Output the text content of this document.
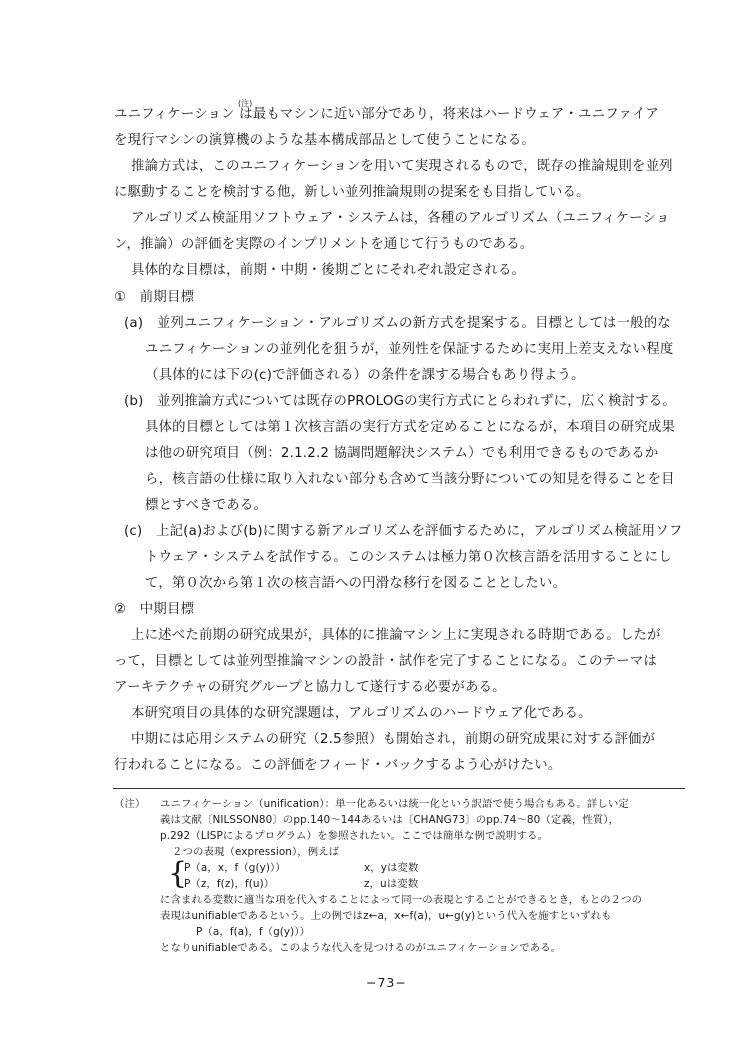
(注)
ユニフィケーション は最もマシンに近い部分であり，将来はハードウェア・ユニファイア
を現行マシンの演算機のような基本構成部品として使うことになる。
推論方式は，このユニフィケーションを用いて実現されるもので，既存の推論規則を並列
に駆動することを検討する他，新しい並列推論規則の提案をも目指している。
アルゴリズム検証用ソフトウェア・システムは，各種のアルゴリズム（ユニフィケーショ
ン，推論）の評価を実際のインプリメントを通じて行うものである。
具体的な目標は，前期・中期・後期ごとにそれぞれ設定される。
①　前期目標
(a)　並列ユニフィケーション・アルゴリズムの新方式を提案する。目標としては一般的な
ユニフィケーションの並列化を狙うが，並列性を保証するために実用上差支えない程度
（具体的には下の(c)で評価される）の条件を課する場合もあり得よう。
(b)　並列推論方式については既存のPROLOGの実行方式にとらわれずに，広く検討する。
具体的目標としては第１次核言語の実行方式を定めることになるが，本項目の研究成果
は他の研究項目（例：2.1.2.2 協調問題解決システム）でも利用できるものであるか
ら，核言語の仕様に取り入れない部分も含めて当該分野についての知見を得ることを目
標とすべきである。
(c)　上記(a)および(b)に関する新アルゴリズムを評価するために，アルゴリズム検証用ソフ
トウェア・システムを試作する。このシステムは極力第０次核言語を活用することにし
て，第０次から第１次の核言語への円滑な移行を図ることとしたい。
②　中期目標
上に述べた前期の研究成果が，具体的に推論マシン上に実現される時期である。したが
って，目標としては並列型推論マシンの設計・試作を完了することになる。このテーマは
アーキテクチャの研究グループと協力して遂行する必要がある。
本研究項目の具体的な研究課題は，アルゴリズムのハードウェア化である。
中期には応用システムの研究（2.5参照）も開始され，前期の研究成果に対する評価が
行われることになる。この評価をフィード・バックするよう心がけたい。
（注） ユニフィケーション（unification）：単一化あるいは統一化という訳語で使う場合もある。詳しい定
義は文献〔NILSSON80〕のpp.140〜144あるいは〔CHANG73〕のpp.74〜80（定義，性質），
p.292（LISPによるプログラム）を参照されたい。ここでは簡単な例で説明する。
２つの表現（expression），例えば
{
P（a，x，f（g(y)））	x，yは変数
P（z，f(z)，f(u)）	z，uは変数
に含まれる変数に適当な項を代入することによって同一の表現とすることができるとき，もとの２つの
表現はunifiableであるという。上の例ではz←a，x←f(a)，u←g(y)という代入を施すといずれも
P（a，f(a)，f（g(y)））
となりunifiableである。このような代入を見つけるのがユニフィケーションである。
−73−
